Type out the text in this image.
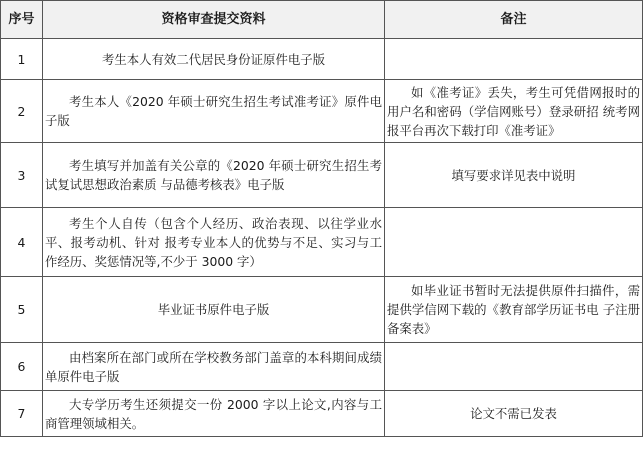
序号	资格审查提交资料	备注
1	考生本人有效二代居民身份证原件电子版	
2	考生本人《2020 年硕士研究生招生考试准考证》原件电子版	如《准考证》丢失，考生可凭借网报时的用户名和密码（学信网账号）登录研招 统考网报平台再次下载打印《准考证》
3	考生填写并加盖有关公章的《2020 年硕士研究生招生考试复试思想政治素质 与品德考核表》电子版	填写要求详见表中说明
4	考生个人自传（包含个人经历、政治表现、以往学业水平、报考动机、针对 报考专业本人的优势与不足、实习与工作经历、奖惩情况等,不少于 3000 字）	
5	毕业证书原件电子版	如毕业证书暂时无法提供原件扫描件，需提供学信网下载的《教育部学历证书电 子注册备案表》
6	由档案所在部门或所在学校教务部门盖章的本科期间成绩单原件电子版	
7	大专学历考生还须提交一份 2000 字以上论文,内容与工商管理领域相关。	论文不需已发表
